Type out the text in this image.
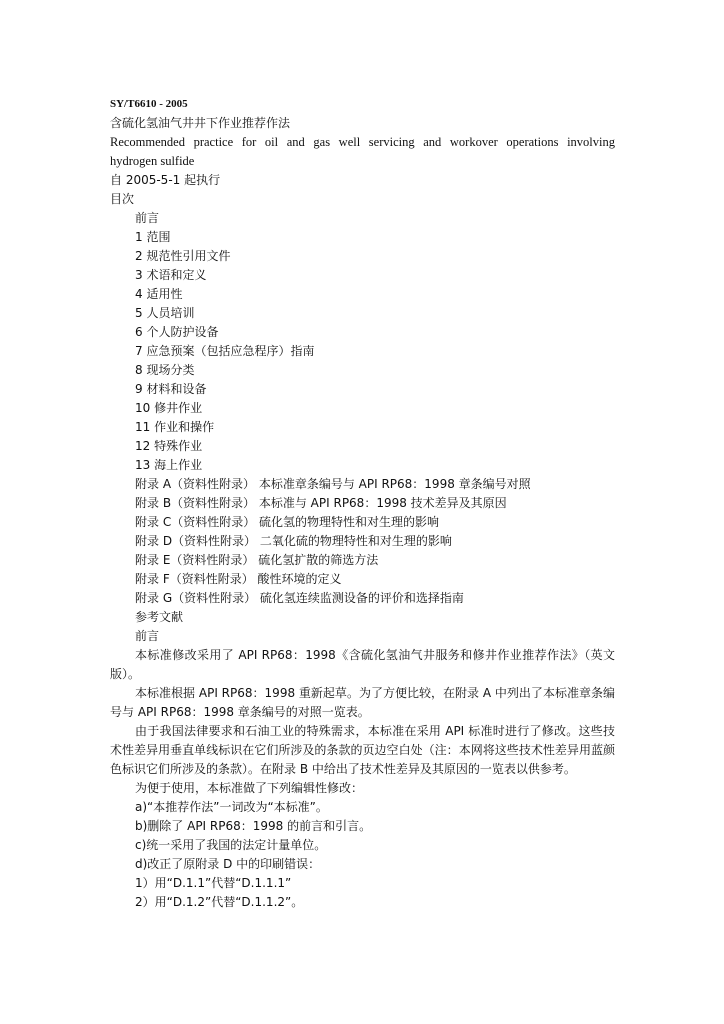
SY/T6610 - 2005
含硫化氢油气井井下作业推荐作法
Recommended practice for oil and gas well servicing and workover operations involving
hydrogen sulfide
自 2005-5-1 起执行
目次
前言
1 范围
2 规范性引用文件
3 术语和定义
4 适用性
5 人员培训
6 个人防护设备
7 应急预案（包括应急程序）指南
8 现场分类
9 材料和设备
10 修井作业
11 作业和操作
12 特殊作业
13 海上作业
附录 A（资料性附录） 本标准章条编号与 API RP68：1998 章条编号对照
附录 B（资料性附录） 本标准与 API RP68：1998 技术差异及其原因
附录 C（资料性附录） 硫化氢的物理特性和对生理的影响
附录 D（资料性附录） 二氧化硫的物理特性和对生理的影响
附录 E（资料性附录） 硫化氢扩散的筛选方法
附录 F（资料性附录） 酸性环境的定义
附录 G（资料性附录） 硫化氢连续监测设备的评价和选择指南
参考文献
前言
本标准修改采用了 API RP68：1998《含硫化氢油气井服务和修井作业推荐作法》（英文版）。
本标准根据 API RP68：1998 重新起草。为了方便比较，在附录 A 中列出了本标准章条编号与 API RP68：1998 章条编号的对照一览表。
由于我国法律要求和石油工业的特殊需求，本标准在采用 API 标准时进行了修改。这些技术性差异用垂直单线标识在它们所涉及的条款的页边空白处（注：本网将这些技术性差异用蓝颜色标识它们所涉及的条款）。在附录 B 中给出了技术性差异及其原因的一览表以供参考。
为便于使用，本标准做了下列编辑性修改：
a)“本推荐作法”一词改为“本标准”。
b)删除了 API RP68：1998 的前言和引言。
c)统一采用了我国的法定计量单位。
d)改正了原附录 D 中的印刷错误：
1）用“D.1.1”代替“D.1.1.1”
2）用“D.1.2”代替“D.1.1.2”。
